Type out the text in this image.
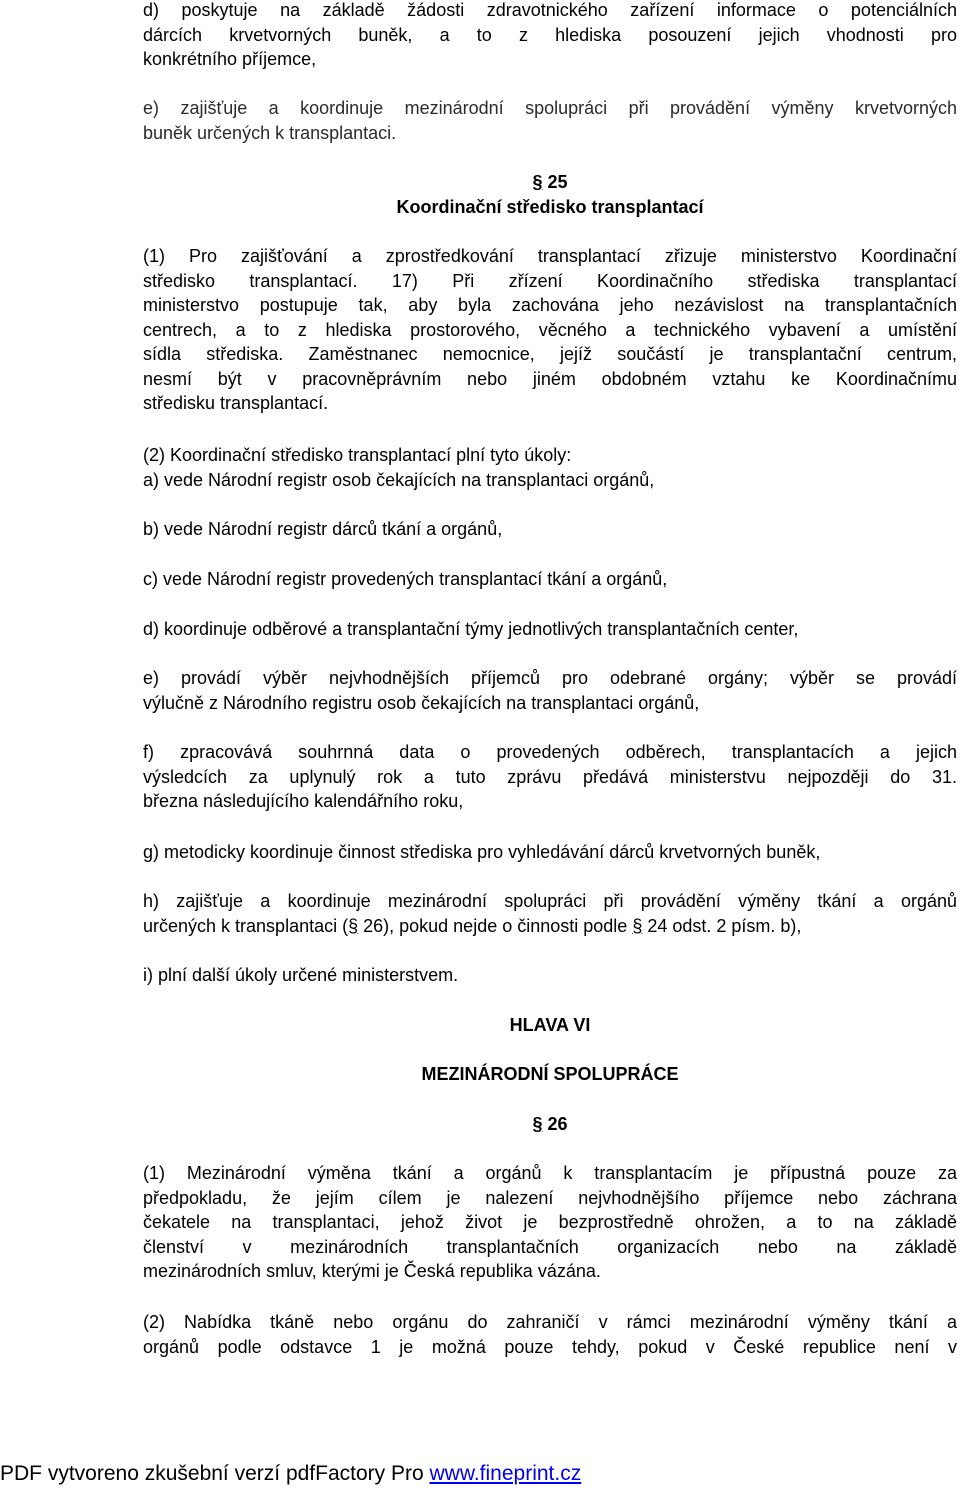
d) poskytuje na základě žádosti zdravotnického zařízení informace o potenciálních

dárcích krvetvorných buněk, a to z hlediska posouzení jejich vhodnosti pro

konkrétního příjemce,

e) zajišťuje a koordinuje mezinárodní spolupráci při provádění výměny krvetvorných

buněk určených k transplantaci.

§ 25

Koordinační středisko transplantací

(1) Pro zajišťování a zprostředkování transplantací zřizuje ministerstvo Koordinační

středisko transplantací. 17) Při zřízení Koordinačního střediska transplantací

ministerstvo postupuje tak, aby byla zachována jeho nezávislost na transplantačních

centrech, a to z hlediska prostorového, věcného a technického vybavení a umístění

sídla střediska. Zaměstnanec nemocnice, jejíž součástí je transplantační centrum,

nesmí být v pracovněprávním nebo jiném obdobném vztahu ke Koordinačnímu

středisku transplantací.

(2) Koordinační středisko transplantací plní tyto úkoly:

a) vede Národní registr osob čekajících na transplantaci orgánů,

b) vede Národní registr dárců tkání a orgánů,

c) vede Národní registr provedených transplantací tkání a orgánů,

d) koordinuje odběrové a transplantační týmy jednotlivých transplantačních center,

e) provádí výběr nejvhodnějších příjemců pro odebrané orgány; výběr se provádí

výlučně z Národního registru osob čekajících na transplantaci orgánů,

f) zpracovává souhrnná data o provedených odběrech, transplantacích a jejich

výsledcích za uplynulý rok a tuto zprávu předává ministerstvu nejpozději do 31.

března následujícího kalendářního roku,

g) metodicky koordinuje činnost střediska pro vyhledávání dárců krvetvorných buněk,

h) zajišťuje a koordinuje mezinárodní spolupráci při provádění výměny tkání a orgánů

určených k transplantaci (§ 26), pokud nejde o činnosti podle § 24 odst. 2 písm. b),

i) plní další úkoly určené ministerstvem.

HLAVA VI

MEZINÁRODNÍ SPOLUPRÁCE

§ 26

(1) Mezinárodní výměna tkání a orgánů k transplantacím je přípustná pouze za

předpokladu, že jejím cílem je nalezení nejvhodnějšího příjemce nebo záchrana

čekatele na transplantaci, jehož život je bezprostředně ohrožen, a to na základě

členství v mezinárodních transplantačních organizacích nebo na základě

mezinárodních smluv, kterými je Česká republika vázána.

(2) Nabídka tkáně nebo orgánu do zahraničí v rámci mezinárodní výměny tkání a

orgánů podle odstavce 1 je možná pouze tehdy, pokud v České republice není v

PDF vytvoreno zkušební verzí pdfFactory Pro www.fineprint.cz
